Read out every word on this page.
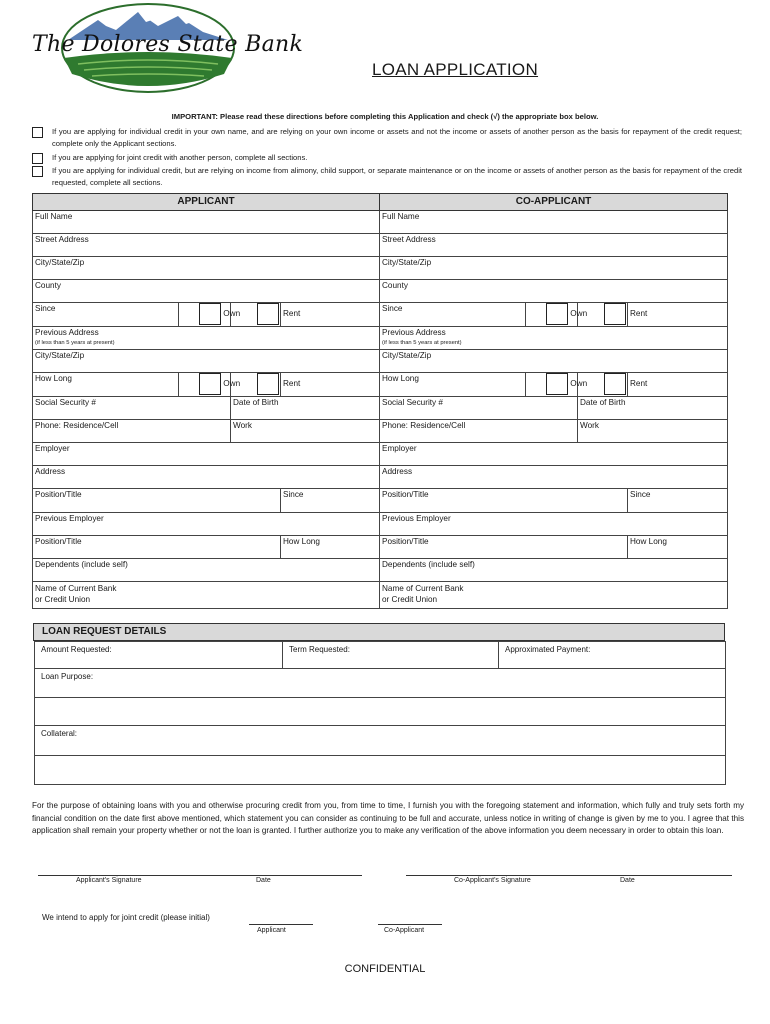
The Dolores State Bank
LOAN APPLICATION
IMPORTANT: Please read these directions before completing this Application and check (√) the appropriate box below.
If you are applying for individual credit in your own name, and are relying on your own income or assets and not the income or assets of another person as the basis for repayment of the credit request; complete only the Applicant sections.
If you are applying for joint credit with another person, complete all sections.
If you are applying for individual credit, but are relying on income from alimony, child support, or separate maintenance or on the income or assets of another person as the basis for repayment of the credit requested, complete all sections.
APPLICANT			
Full Name			
Street Address			
City/State/Zip			
County			
Since	Own		Rent
Previous Address
(if less than 5 years at present)			
City/State/Zip			
How Long	Own		Rent
Social Security #		Date of Birth	
Phone: Residence/Cell		Work	
Employer			
Address			
Position/Title			Since
Previous Employer			
Position/Title			How Long
Dependents (include self)			
Name of Current Bank
or Credit Union			
CO-APPLICANT			
Full Name			
Street Address			
City/State/Zip			
County			
Since	Own		Rent
Previous Address
(if less than 5 years at present)			
City/State/Zip			
How Long	Own		Rent
Social Security #		Date of Birth	
Phone: Residence/Cell		Work	
Employer			
Address			
Position/Title			Since
Previous Employer			
Position/Title			How Long
Dependents (include self)			
Name of Current Bank
or Credit Union			
LOAN REQUEST DETAILS
Amount Requested:	Term Requested:	Approximated Payment:
Loan Purpose:

Collateral:

For the purpose of obtaining loans with you and otherwise procuring credit from you, from time to time, I furnish you with the foregoing statement and information, which fully and truly sets forth my financial condition on the date first above mentioned, which statement you can consider as continuing to be full and accurate, unless notice in writing of change is given by me to you. I agree that this application shall remain your property whether or not the loan is granted. I further authorize you to make any verification of the above information you deem necessary in order to obtain this loan.
Applicant's Signature	Date	Co-Applicant's Signature	Date
We intend to apply for joint credit (please initial)
Applicant	Co-Applicant
CONFIDENTIAL
